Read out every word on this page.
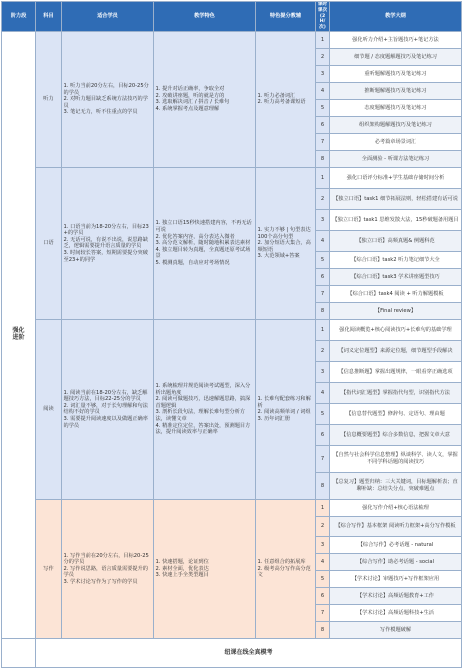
阶力段	科目	适合学员	教学特色	特色提分教辅	课时课次
(2H/次)	教学大纲
强化
进阶	听力	1. 听力当前20分左右，目标20-25分的学员
2. 对听力题目缺乏系统方法技巧的学员
3. 笔记无力，听不住重点的学员	1. 提升对话正确率，争取全对
2. 攻破讲座题，听的就是方的
3. 选取解决词汇 / 拼音 / 长难句
4. 系统掌握考点及题意理解	1. 听力必备词汇
2. 听力高考备课短语	1	强化听力介绍+主旨题技巧+笔记方法
					2	细节题 / 态度题解题技巧及笔记练习
					3	重听题解题技巧及笔记练习
					4	推断题解题技巧及笔记练习
					5	态度题解题技巧及笔记练习
					6	组织架构题解题技巧及笔记练习
					7	必考篇章场景词汇
					8	全面测验 - 听课方法笔记练习
	口语	1. 口语当前为18-20分左右，目标23+的学员
2. 无话可说，有说不出说，说思路缺乏，逻辑需要提升语言质量的学员
3. 时间较长答案，短期需要提分突破至23+的同学	1. 独立口语15秒快速搭建内容，不再无话可说
2. 优化答案内容，高分表达入微者
3. 高分范文解析，随时随地积累表达素材
4. 独立题目转为真题，全真题还原考试场景
5. 模测真题，自动应对考场情况	1. 实力不够 | 句型表达100个高分句型
2. 加分短语大集合，高频短语
3. 大范领域+答案	1	强化口语评分标准+学生基础存储时间分析
					2	【独立口语】task1 细节拓展法则，轻松搭建有话可说
					3	【独立口语】task1 思维发散大法，15秒破题备用题目
					4	【独立口语】高频真题& 例题科范
					5	【综合口语】task2 听力笔记细节大全
					6	【综合口语】task3 学术讲座题型技巧
					7	【综合口语】task4 阅读 + 听力解题模板
					8	【Final review】
	阅读	1. 阅读当前在18-20分左右，缺乏解题技巧方法，目标22-25分的学员
2. 词汇量不够，对于长句理解和句法结构不好的学员
3. 需要提升阅读速度以及做题正确率的学员	1. 系统梳理并规范阅读考试题型，深入分析出题角度
2. 阅读可做题技巧，迅速解题思路，搞深首题逻辑
3. 剖析长段句法，理解长难句型分析方法，读懂文章
4. 精准定位定位，答案出处，预测题目方法，提升阅读效率与正确率	1. 长难句配套练习和解析
2. 阅读高频单词 / 词组
3. 历年词汇册	1	强化阅读概览+核心阅读技巧+长难句的基础学理
					2	【词义定位题型】来源定位题，细节题型手段解决
					3	【信息推断题】掌握出题规律，一眼看穿正确选项
					4	【指代词汇题型】掌握指代句型，识别指代方法
					5	【信息替代题型】修辞句、定语句、理由题
					6	【信息概要题型】综合多数信息，把握文章大意
					7	【自然与社会科学信息整理】纵谈科学、读人文，掌握不同学科话题的阅读技巧
					8	【总复习】题型归纳：三大关键词，目标题解析表；直聊补缺：总结失分点，突破难题点
	写作	1. 写作当前在20分左右，目标20-25分的学员
2. 写作说思路，语言质量需要提升的学员
3. 学术讨论写作为了写作的学员	1. 快速搭题，论证到位
2. 素材全面，优化表达
3. 快速上手全类型题目	1. 任意组合的拓展库
2. 级考高分写作高分范文	1	强化写作介绍+核心语法梳理
					2	【综合写作】基本框架 阅读听力框架+高分写作模板
					3	【综合写作】必考话题 - natural
					4	【综合写作】助必考话题 - social
					5	【学术讨论】审题技巧+写作框架应用
					6	【学术讨论】高频话题教育+工作
					7	【学术讨论】高频话题科技+生活
					8	写作模题破解
	纽课在线全真模考					
